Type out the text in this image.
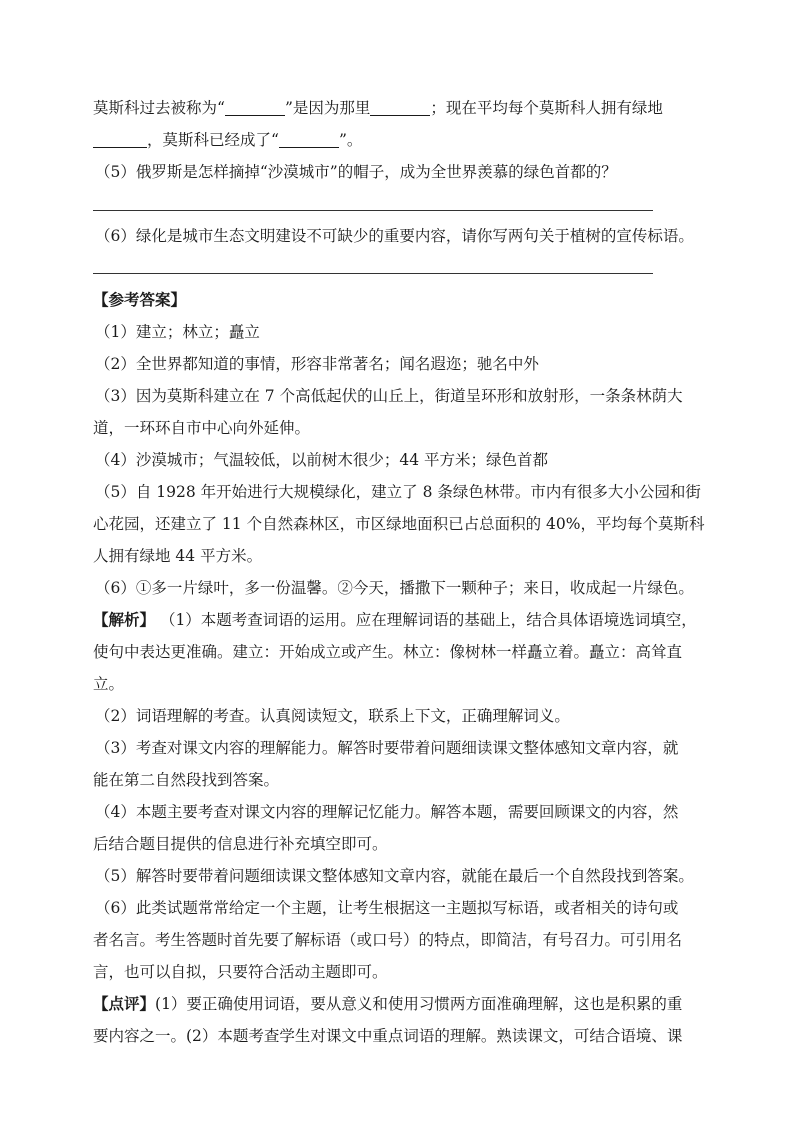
莫斯科过去被称为“	”是因为那里	；现在平均每个莫斯科人拥有绿地
，莫斯科已经成了“	”。
（5）俄罗斯是怎样摘掉“沙漠城市”的帽子，成为全世界羡慕的绿色首都的？
（6）绿化是城市生态文明建设不可缺少的重要内容，请你写两句关于植树的宣传标语。
【参考答案】
（1）建立；林立；矗立
（2）全世界都知道的事情，形容非常著名；闻名遐迩；驰名中外
（3）因为莫斯科建立在 7 个高低起伏的山丘上，街道呈环形和放射形，一条条林荫大
道，一环环自市中心向外延伸。
（4）沙漠城市；气温较低，以前树木很少；44 平方米；绿色首都
（5）自 1928 年开始进行大规模绿化，建立了 8 条绿色林带。市内有很多大小公园和街
心花园，还建立了 11 个自然森林区，市区绿地面积已占总面积的 40%，平均每个莫斯科
人拥有绿地 44 平方米。
（6）①多一片绿叶，多一份温馨。②今天，播撒下一颗种子；来日，收成起一片绿色。
【解析】 （1）本题考查词语的运用。应在理解词语的基础上，结合具体语境选词填空，
使句中表达更准确。建立：开始成立或产生。林立：像树林一样矗立着。矗立：高耸直
立。
（2）词语理解的考查。认真阅读短文，联系上下文，正确理解词义。
（3）考查对课文内容的理解能力。解答时要带着问题细读课文整体感知文章内容，就
能在第二自然段找到答案。
（4）本题主要考查对课文内容的理解记忆能力。解答本题，需要回顾课文的内容，然
后结合题目提供的信息进行补充填空即可。
（5）解答时要带着问题细读课文整体感知文章内容，就能在最后一个自然段找到答案。
（6）此类试题常常给定一个主题，让考生根据这一主题拟写标语，或者相关的诗句或
者名言。考生答题时首先要了解标语（或口号）的特点，即简洁，有号召力。可引用名
言，也可以自拟，只要符合活动主题即可。
【点评】(1）要正确使用词语，要从意义和使用习惯两方面准确理解，这也是积累的重
要内容之一。(2）本题考查学生对课文中重点词语的理解。熟读课文，可结合语境、课
